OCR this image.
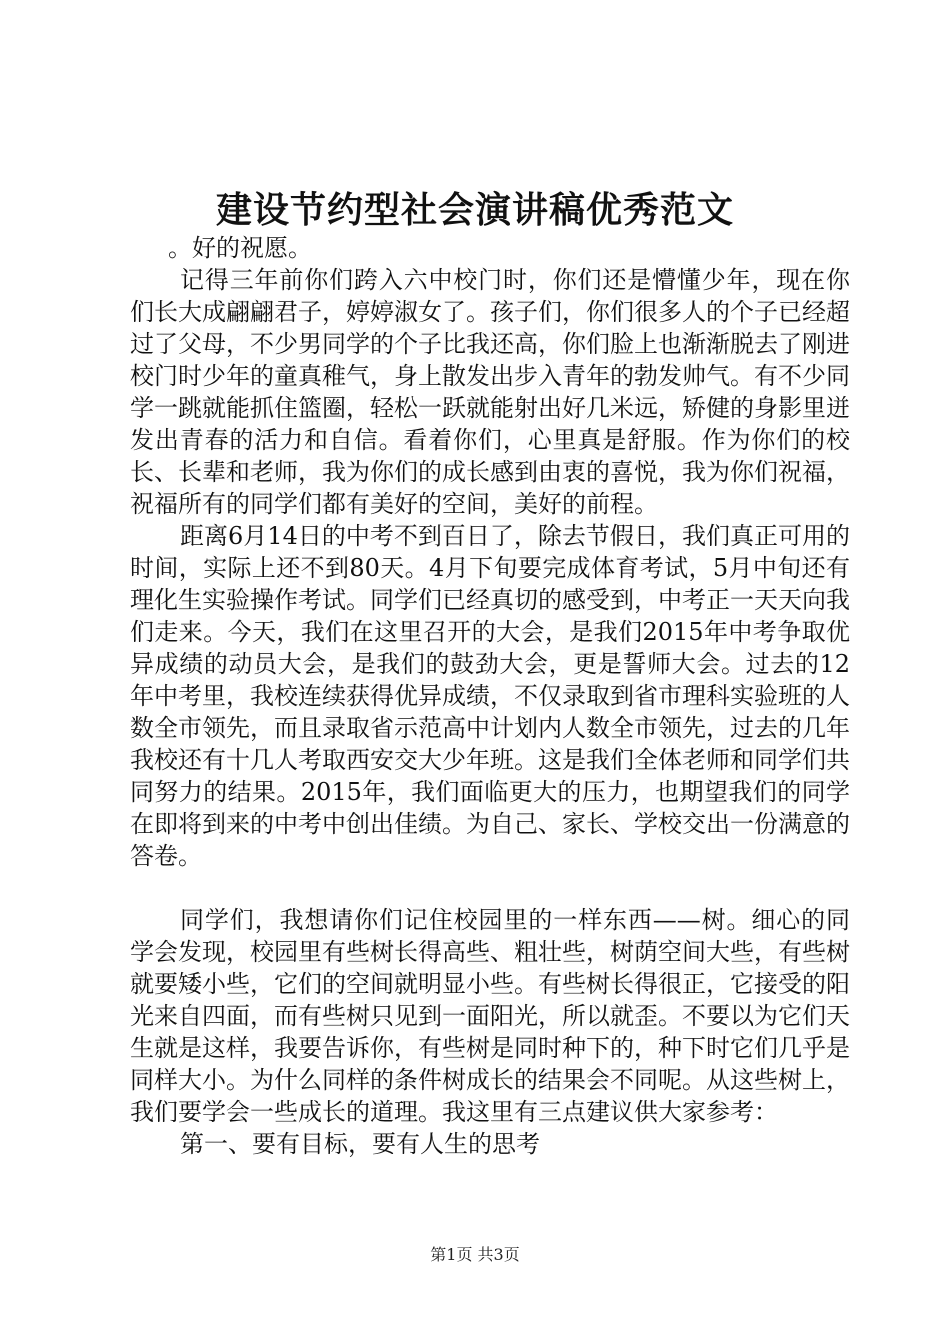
建设节约型社会演讲稿优秀范文

。好的祝愿。

记得三年前你们跨入六中校门时，你们还是懵懂少年，现在你们长大成翩翩君子，婷婷淑女了。孩子们，你们很多人的个子已经超过了父母，不少男同学的个子比我还高，你们脸上也渐渐脱去了刚进校门时少年的童真稚气，身上散发出步入青年的勃发帅气。有不少同学一跳就能抓住篮圈，轻松一跃就能射出好几米远，矫健的身影里迸发出青春的活力和自信。看着你们，心里真是舒服。作为你们的校长、长辈和老师，我为你们的成长感到由衷的喜悦，我为你们祝福，祝福所有的同学们都有美好的空间，美好的前程。

距离6月14日的中考不到百日了，除去节假日，我们真正可用的时间，实际上还不到80天。4月下旬要完成体育考试，5月中旬还有理化生实验操作考试。同学们已经真切的感受到，中考正一天天向我们走来。今天，我们在这里召开的大会，是我们2015年中考争取优异成绩的动员大会，是我们的鼓劲大会，更是誓师大会。过去的12年中考里，我校连续获得优异成绩，不仅录取到省市理科实验班的人数全市领先，而且录取省示范高中计划内人数全市领先，过去的几年我校还有十几人考取西安交大少年班。这是我们全体老师和同学们共同努力的结果。2015年，我们面临更大的压力，也期望我们的同学在即将到来的中考中创出佳绩。为自己、家长、学校交出一份满意的答卷。

同学们，我想请你们记住校园里的一样东西——树。细心的同学会发现，校园里有些树长得高些、粗壮些，树荫空间大些，有些树就要矮小些，它们的空间就明显小些。有些树长得很正，它接受的阳光来自四面，而有些树只见到一面阳光，所以就歪。不要以为它们天生就是这样，我要告诉你，有些树是同时种下的，种下时它们几乎是同样大小。为什么同样的条件树成长的结果会不同呢。从这些树上，我们要学会一些成长的道理。我这里有三点建议供大家参考：

第一、要有目标，要有人生的思考

第1页 共3页
